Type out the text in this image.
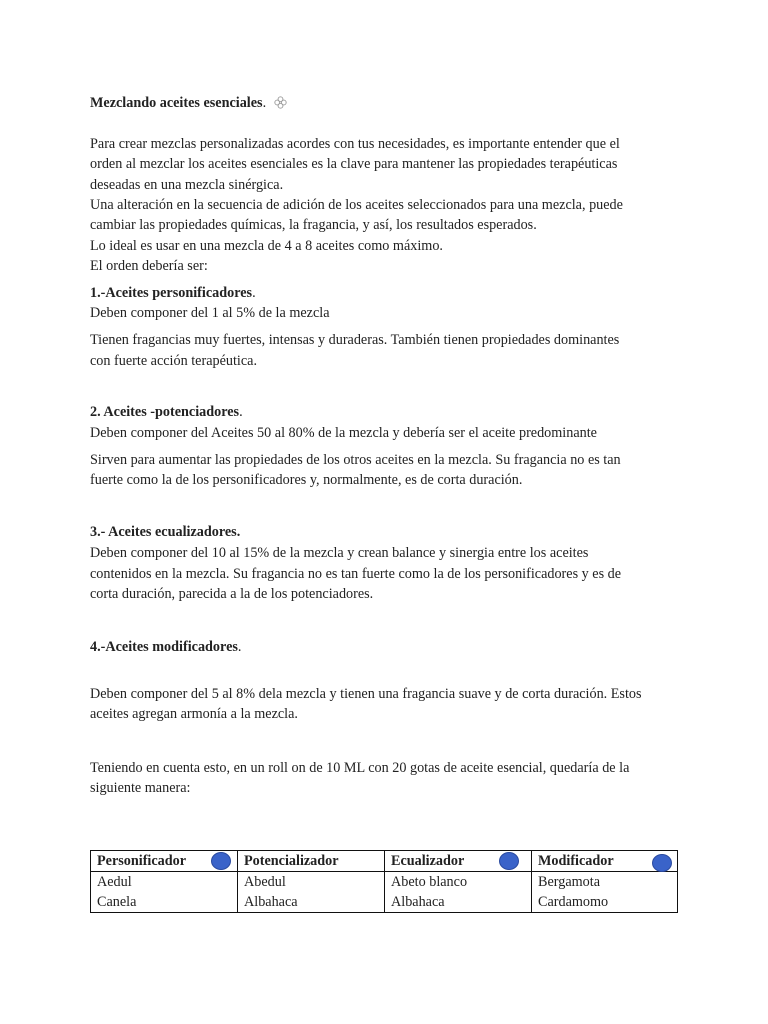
Mezclando aceites esenciales.
Para crear mezclas personalizadas acordes con tus necesidades, es importante entender que el
orden al mezclar los aceites esenciales es la clave para mantener las propiedades terapéuticas
deseadas en una mezcla sinérgica.
Una alteración en la secuencia de adición de los aceites seleccionados para una mezcla, puede
cambiar las propiedades químicas, la fragancia, y así, los resultados esperados.
Lo ideal es usar en una mezcla de 4 a 8 aceites como máximo.
El orden debería ser:
1.-Aceites personificadores.
Deben componer del 1 al 5% de la mezcla
Tienen fragancias muy fuertes, intensas y duraderas. También tienen propiedades dominantes
con fuerte acción terapéutica.
2. Aceites -potenciadores.
Deben componer del Aceites 50 al 80% de la mezcla y debería ser el aceite predominante
Sirven para aumentar las propiedades de los otros aceites en la mezcla. Su fragancia no es tan
fuerte como la de los personificadores y, normalmente, es de corta duración.
3.- Aceites ecualizadores.
Deben componer del 10 al 15% de la mezcla y crean balance y sinergia entre los aceites
contenidos en la mezcla. Su fragancia no es tan fuerte como la de los personificadores y es de
corta duración, parecida a la de los potenciadores.
4.-Aceites modificadores.
Deben componer del 5 al 8% dela mezcla y tienen una fragancia suave y de corta duración. Estos
aceites agregan armonía a la mezcla.
Teniendo en cuenta esto, en un roll on de 10 ML con 20 gotas de aceite esencial, quedaría de la
siguiente manera:
Personificador	Potencializador	Ecualizador	Modificador

Aedul	Abedul	Abeto blanco	Bergamota
Canela	Albahaca	Albahaca	Cardamomo
